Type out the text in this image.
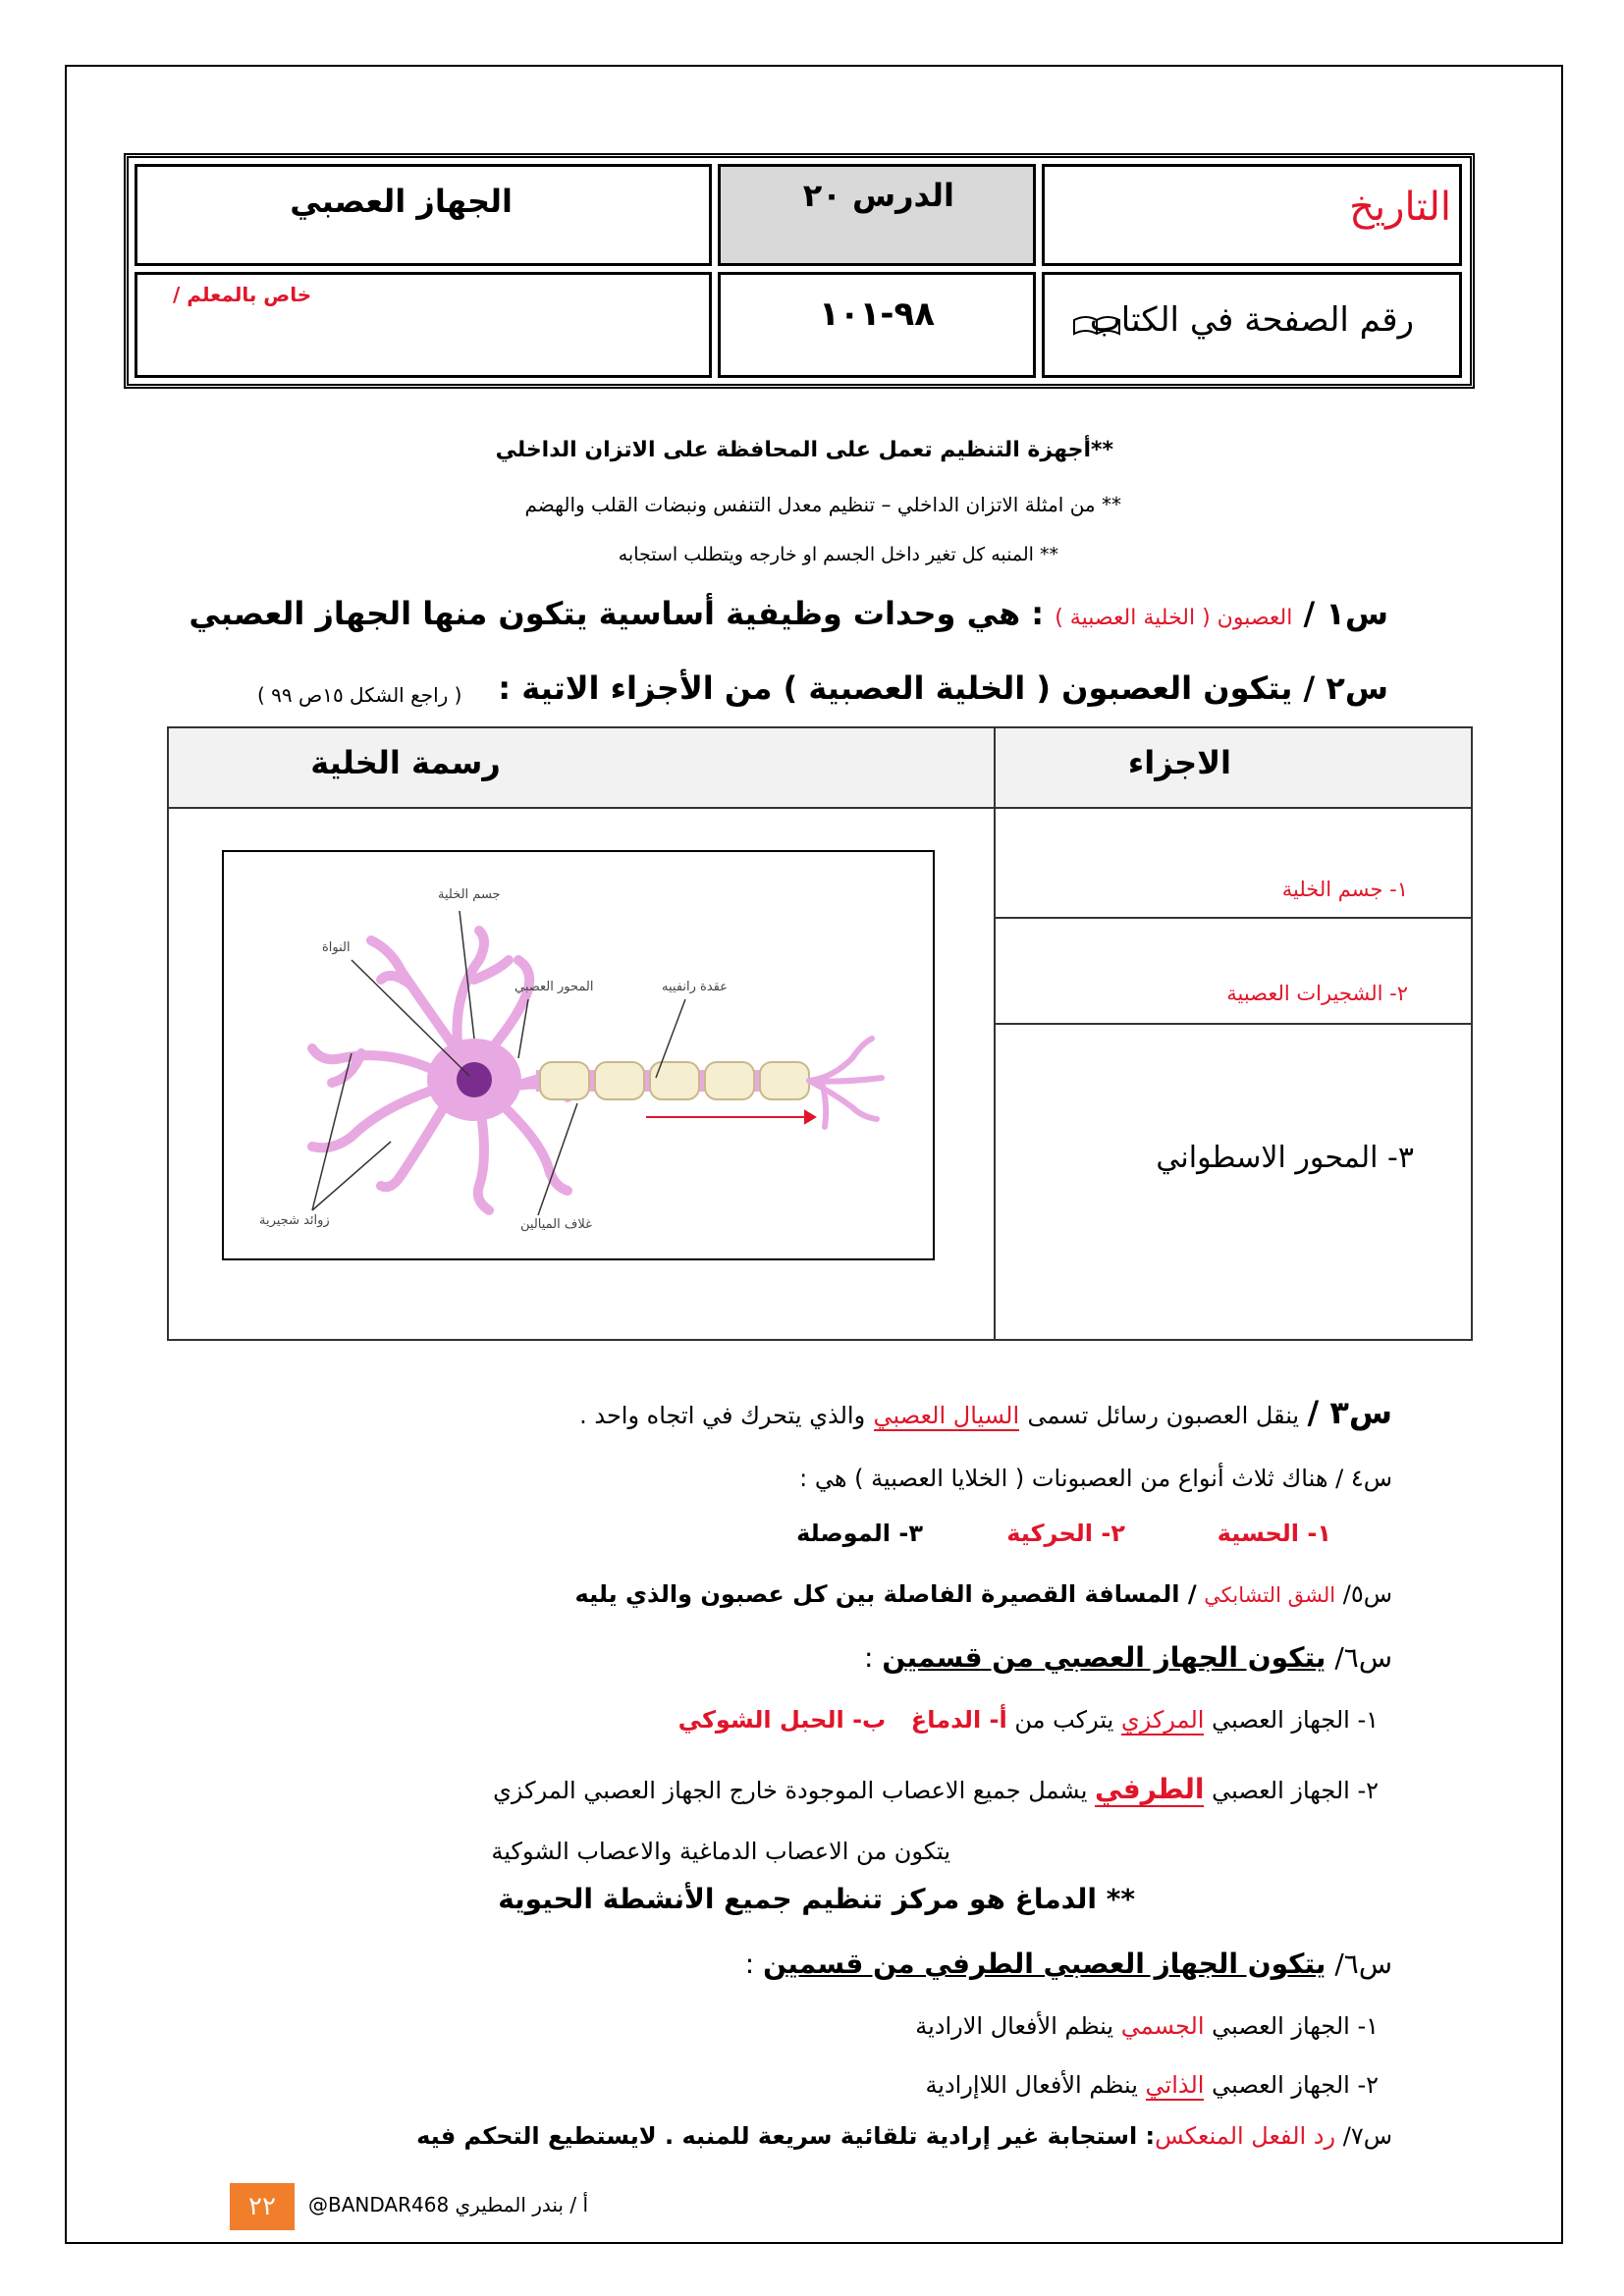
التاريخ
الدرس ٢٠
الجهاز العصبي
رقم الصفحة في الكتاب
٩٨-١٠١
خاص بالمعلم /
**أجهزة التنظيم تعمل على المحافظة على الاتزان الداخلي
** من امثلة الاتزان الداخلي – تنظيم معدل التنفس ونبضات القلب والهضم
** المنبه كل تغير داخل الجسم او خارجه ويتطلب استجابه
س١ / العصبون ( الخلية العصبية ) : هي وحدات وظيفية أساسية يتكون منها الجهاز العصبي
س٢ / يتكون العصبون ( الخلية العصبية ) من الأجزاء الاتية :
( راجع الشكل ١٥ص ٩٩ )
الاجزاء
رسمة الخلية
١- جسم الخلية
٢- الشجيرات العصبية
٣- المحور الاسطواني
جسم الخلية
النواة
المحور العصبي	عقدة رانفييه
غلاف الميالين
زوائد شجيرية
س٣ / ينقل العصبون رسائل تسمى السيال العصبي والذي يتحرك في اتجاه واحد .
س٤ / هناك ثلاث أنواع من العصبونات ( الخلايا العصبية ) هي :
١- الحسية
٢- الحركية
٣- الموصلة
س٥/ الشق التشابكي / المسافة القصيرة الفاصلة بين كل عصبون والذي يليه
س٦/ يتكون الجهاز العصبي من قسمين :
١- الجهاز العصبي المركزي يتركب من أ- الدماغ ب- الحبل الشوكي
٢- الجهاز العصبي الطرفي يشمل جميع الاعصاب الموجودة خارج الجهاز العصبي المركزي
يتكون من الاعصاب الدماغية والاعصاب الشوكية
** الدماغ هو مركز تنظيم جميع الأنشطة الحيوية
س٦/ يتكون الجهاز العصبي الطرفي من قسمين :
١- الجهاز العصبي الجسمي ينظم الأفعال الارادية
٢- الجهاز العصبي الذاتي ينظم الأفعال اللاإرادية
س٧/ رد الفعل المنعكس: استجابة غير إرادية تلقائية سريعة للمنبه . لايستطيع التحكم فيه
٢٢	@BANDAR468 أ / بندر المطيري
